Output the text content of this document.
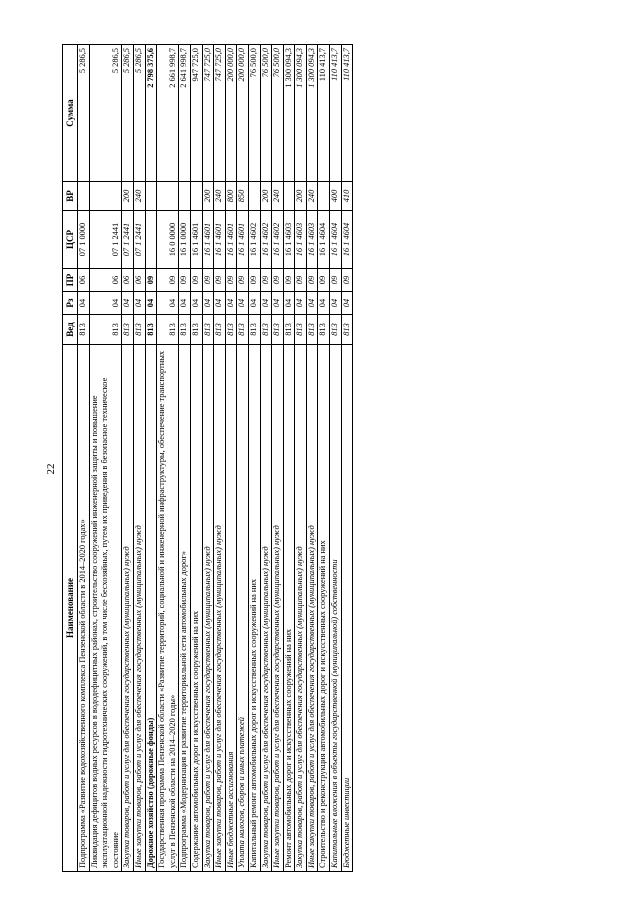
22
Наименование	Вед	Рз	ПР	ЦСР	ВР	Сумма
Подпрограмма «Развитие водохозяйственного комплекса Пензенской области в 2014–2020 годах»	813	04	06	07 1 0000		5 286,5
Ликвидация дефицитов водных ресурсов в вододефицитных районах, строительство сооружений инженерной защиты и повышение эксплуатационной надежности гидротехнических сооружений, в том числе бесхозяйных, путем их приведения в безопасное техническое состояние	813	04	06	07 1 2441		5 286,5
Закупка товаров, работ и услуг для обеспечения государственных (муниципальных) нужд	813	04	06	07 1 2441	200	5 286,5
Иные закупки товаров, работ и услуг для обеспечения государственных (муниципальных) нужд	813	04	06	07 1 2441	240	5 286,5
Дорожное хозяйство (дорожные фонды)	813	04	09			2 798 375,6
Государственная программа Пензенской области «Развитие территорий, социальной и инженерной инфраструктуры, обеспечение транспортных услуг в Пензенской области на 2014–2020 годы»	813	04	09	16 0 0000		2 661 998,7
Подпрограмма «Модернизация и развитие территориальной сети автомобильных дорог»	813	04	09	16 1 0000		2 641 998,7
Содержание автомобильных дорог и искусственных сооружений на них	813	04	09	16 1 4601		947 725,0
Закупка товаров, работ и услуг для обеспечения государственных (муниципальных) нужд	813	04	09	16 1 4601	200	747 725,0
Иные закупки товаров, работ и услуг для обеспечения государственных (муниципальных) нужд	813	04	09	16 1 4601	240	747 725,0
Иные бюджетные ассигнования	813	04	09	16 1 4601	800	200 000,0
Уплата налогов, сборов и иных платежей	813	04	09	16 1 4601	850	200 000,0
Капитальный ремонт автомобильных дорог и искусственных сооружений на них	813	04	09	16 1 4602		76 500,0
Закупка товаров, работ и услуг для обеспечения государственных (муниципальных) нужд	813	04	09	16 1 4602	200	76 500,0
Иные закупки товаров, работ и услуг для обеспечения государственных (муниципальных) нужд	813	04	09	16 1 4602	240	76 500,0
Ремонт автомобильных дорог и искусственных сооружений на них	813	04	09	16 1 4603		1 300 094,3
Закупка товаров, работ и услуг для обеспечения государственных (муниципальных) нужд	813	04	09	16 1 4603	200	1 300 094,3
Иные закупки товаров, работ и услуг для обеспечения государственных (муниципальных) нужд	813	04	09	16 1 4603	240	1 300 094,3
Строительство и реконструкция автомобильных дорог и искусственных сооружений на них	813	04	09	16 1 4604		110 413,7
Капитальные вложения в объекты государственной (муниципальной) собственности	813	04	09	16 1 4604	400	110 413,7
Бюджетные инвестиции	813	04	09	16 1 4604	410	110 413,7
